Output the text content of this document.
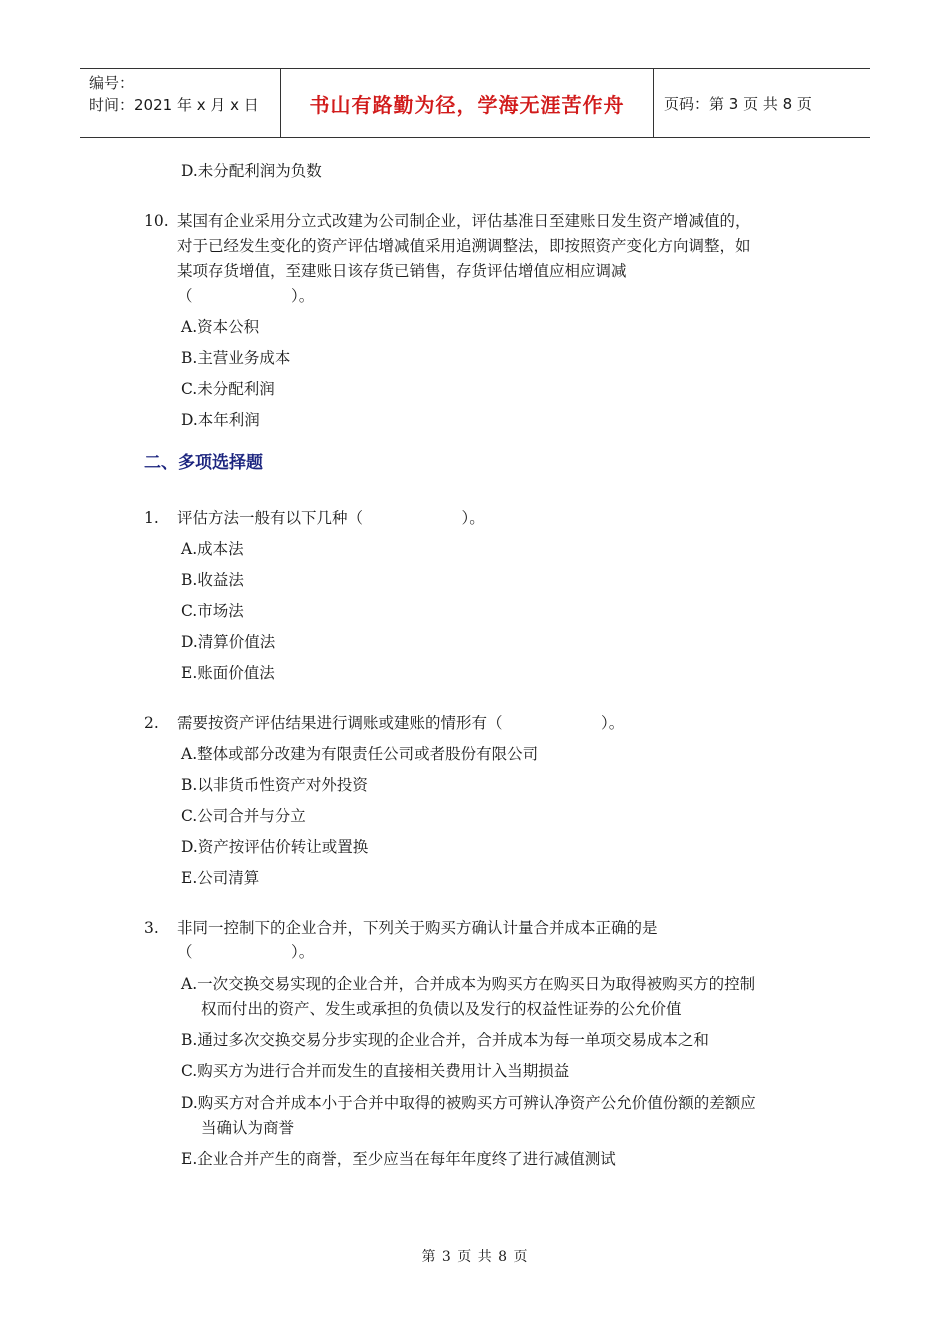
编号：
时间：2021 年 x 月 x 日	书山有路勤为径，学海无涯苦作舟	页码：第 3 页 共 8 页
D.未分配利润为负数
10. 某国有企业采用分立式改建为公司制企业，评估基准日至建账日发生资产增减值的，
对于已经发生变化的资产评估增减值采用追溯调整法，即按照资产变化方向调整，如
某项存货增值，至建账日该存货已销售，存货评估增值应相应调减
（                    ）。
A.资本公积
B.主营业务成本
C.未分配利润
D.本年利润
二、多项选择题
1. 评估方法一般有以下几种（                    ）。
A.成本法
B.收益法
C.市场法
D.清算价值法
E.账面价值法
2. 需要按资产评估结果进行调账或建账的情形有（                    ）。
A.整体或部分改建为有限责任公司或者股份有限公司
B.以非货币性资产对外投资
C.公司合并与分立
D.资产按评估价转让或置换
E.公司清算
3. 非同一控制下的企业合并，下列关于购买方确认计量合并成本正确的是
（                    ）。
A.一次交换交易实现的企业合并，合并成本为购买方在购买日为取得被购买方的控制
权而付出的资产、发生或承担的负债以及发行的权益性证券的公允价值
B.通过多次交换交易分步实现的企业合并，合并成本为每一单项交易成本之和
C.购买方为进行合并而发生的直接相关费用计入当期损益
D.购买方对合并成本小于合并中取得的被购买方可辨认净资产公允价值份额的差额应
当确认为商誉
E.企业合并产生的商誉，至少应当在每年年度终了进行减值测试
第 3 页 共 8 页
